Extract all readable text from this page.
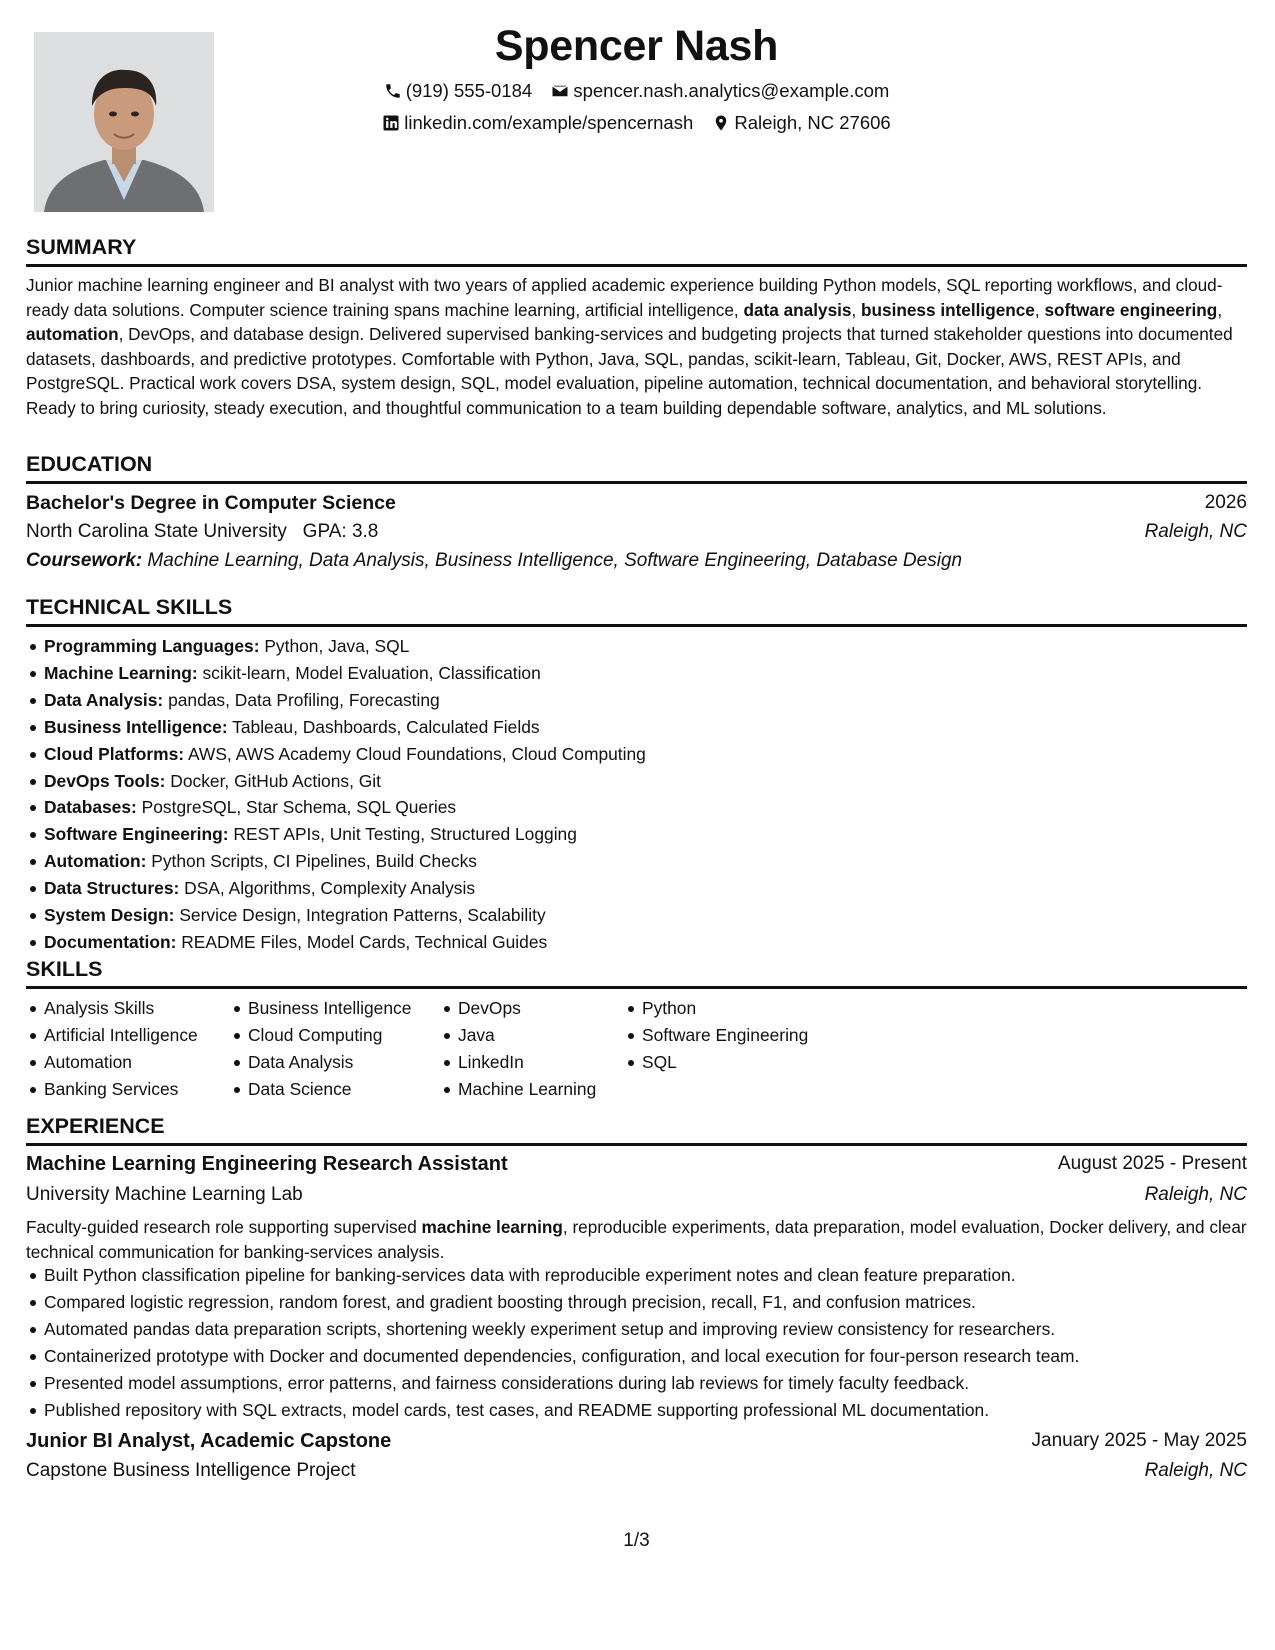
Spencer Nash
(919) 555-0184
spencer.nash.analytics@example.com
linkedin.com/example/spencernash
Raleigh, NC 27606
SUMMARY
Junior machine learning engineer and BI analyst with two years of applied academic experience building Python models, SQL reporting workflows, and cloud-ready data solutions. Computer science training spans machine learning, artificial intelligence, data analysis, business intelligence, software engineering, automation, DevOps, and database design. Delivered supervised banking-services and budgeting projects that turned stakeholder questions into documented datasets, dashboards, and predictive prototypes. Comfortable with Python, Java, SQL, pandas, scikit-learn, Tableau, Git, Docker, AWS, REST APIs, and PostgreSQL. Practical work covers DSA, system design, SQL, model evaluation, pipeline automation, technical documentation, and behavioral storytelling. Ready to bring curiosity, steady execution, and thoughtful communication to a team building dependable software, analytics, and ML solutions.
EDUCATION
Bachelor's Degree in Computer Science	2026
North Carolina State University GPA: 3.8	Raleigh, NC
Coursework: Machine Learning, Data Analysis, Business Intelligence, Software Engineering, Database Design
TECHNICAL SKILLS
Programming Languages: Python, Java, SQL
Machine Learning: scikit-learn, Model Evaluation, Classification
Data Analysis: pandas, Data Profiling, Forecasting
Business Intelligence: Tableau, Dashboards, Calculated Fields
Cloud Platforms: AWS, AWS Academy Cloud Foundations, Cloud Computing
DevOps Tools: Docker, GitHub Actions, Git
Databases: PostgreSQL, Star Schema, SQL Queries
Software Engineering: REST APIs, Unit Testing, Structured Logging
Automation: Python Scripts, CI Pipelines, Build Checks
Data Structures: DSA, Algorithms, Complexity Analysis
System Design: Service Design, Integration Patterns, Scalability
Documentation: README Files, Model Cards, Technical Guides
SKILLS
Analysis Skills
Artificial Intelligence
Automation
Banking Services
Business Intelligence
Cloud Computing
Data Analysis
Data Science
DevOps
Java
LinkedIn
Machine Learning
Python
Software Engineering
SQL
EXPERIENCE
Machine Learning Engineering Research Assistant	August 2025 - Present
University Machine Learning Lab	Raleigh, NC
Faculty-guided research role supporting supervised machine learning, reproducible experiments, data preparation, model evaluation, Docker delivery, and clear technical communication for banking-services analysis.
Built Python classification pipeline for banking-services data with reproducible experiment notes and clean feature preparation.
Compared logistic regression, random forest, and gradient boosting through precision, recall, F1, and confusion matrices.
Automated pandas data preparation scripts, shortening weekly experiment setup and improving review consistency for researchers.
Containerized prototype with Docker and documented dependencies, configuration, and local execution for four-person research team.
Presented model assumptions, error patterns, and fairness considerations during lab reviews for timely faculty feedback.
Published repository with SQL extracts, model cards, test cases, and README supporting professional ML documentation.
Junior BI Analyst, Academic Capstone	January 2025 - May 2025
Capstone Business Intelligence Project	Raleigh, NC
1/3
